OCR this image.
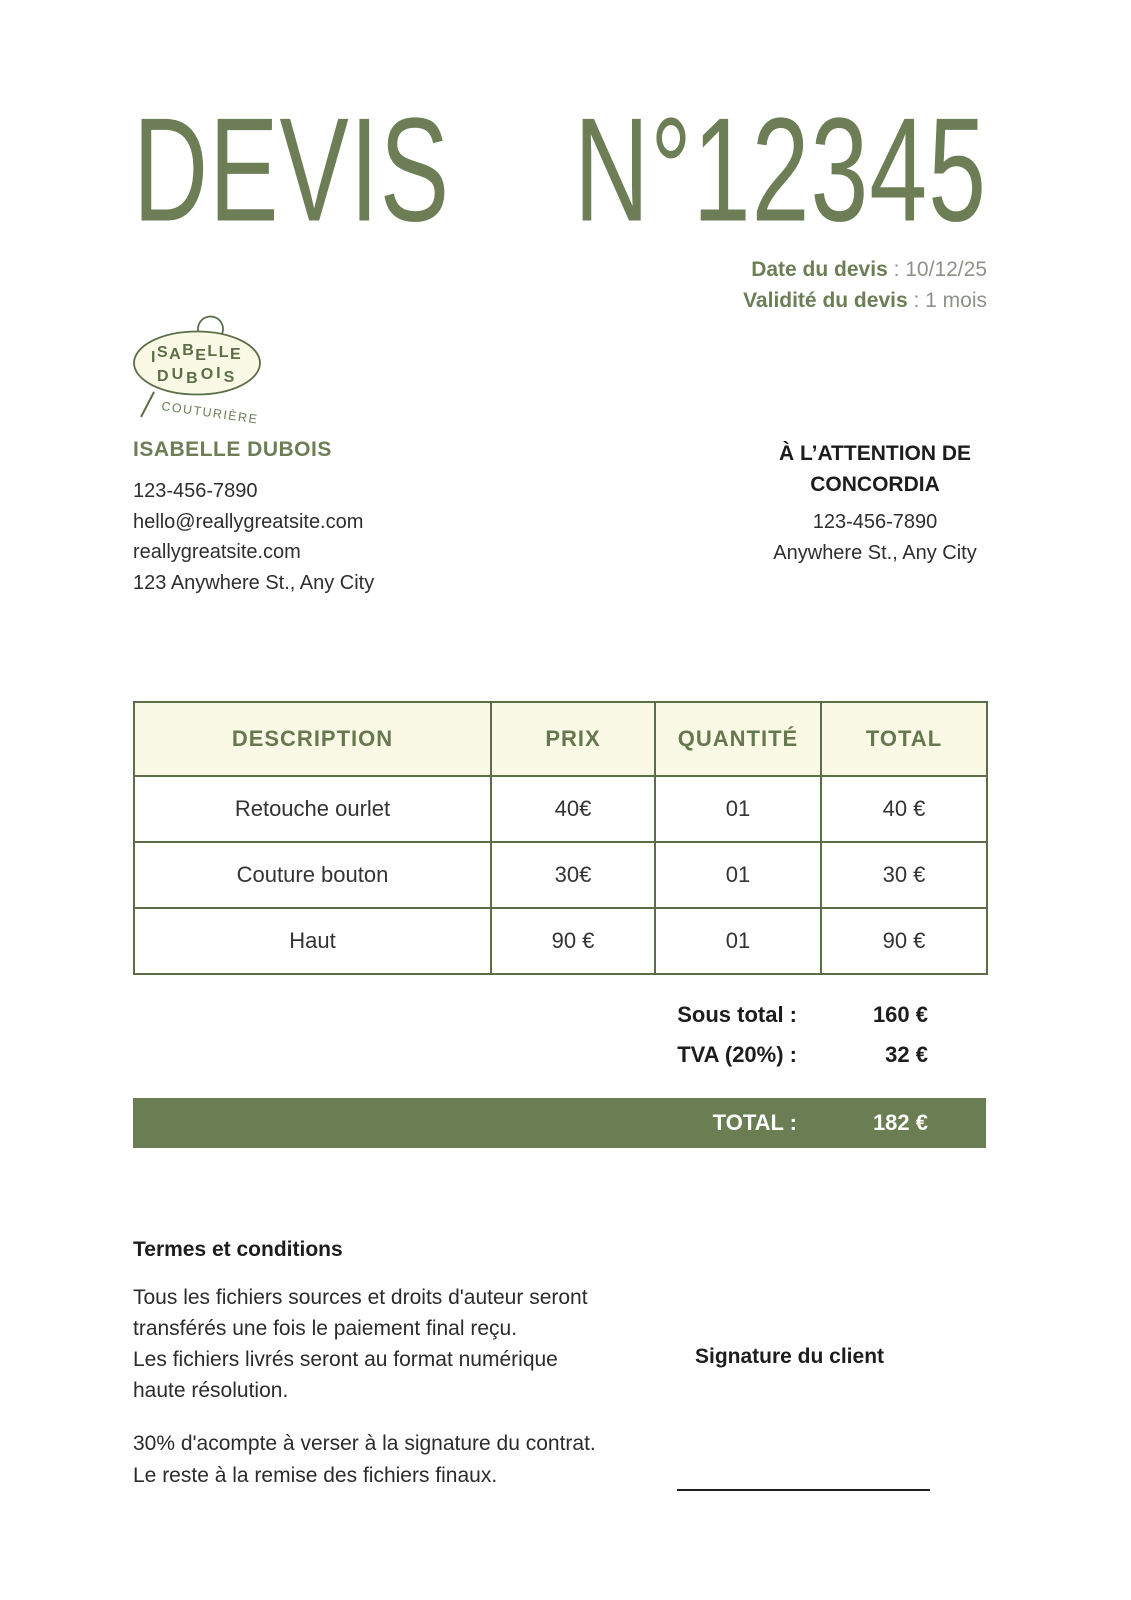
DEVIS N°12345
Date du devis : 10/12/25
Validité du devis : 1 mois
ISABELLE
DUBOIS
COUTURIÈRE
ISABELLE DUBOIS
123-456-7890
hello@reallygreatsite.com
reallygreatsite.com
123 Anywhere St., Any City
À L’ATTENTION DE
CONCORDIA
123-456-7890
Anywhere St., Any City
DESCRIPTION	PRIX	QUANTITÉ	TOTAL
Retouche ourlet	40€	01	40 €
Couture bouton	30€	01	30 €
Haut	90 €	01	90 €
Sous total :	160 €
TVA (20%) :	32 €
TOTAL :	182 €
Termes et conditions
Tous les fichiers sources et droits d'auteur seront
transférés une fois le paiement final reçu.
Les fichiers livrés seront au format numérique
haute résolution.
30% d'acompte à verser à la signature du contrat.
Le reste à la remise des fichiers finaux.
Signature du client
